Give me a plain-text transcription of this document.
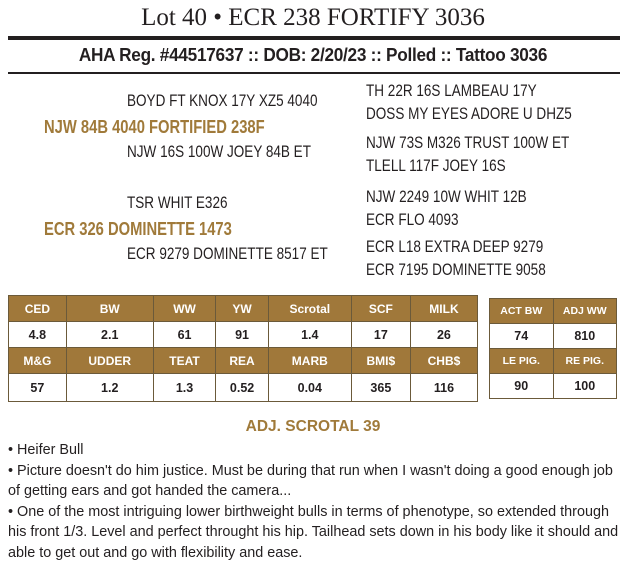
Lot 40 • ECR 238 FORTIFY 3036
AHA Reg. #44517637 :: DOB: 2/20/23 :: Polled :: Tattoo 3036
BOYD FT KNOX 17Y XZ5 4040
NJW 84B 4040 FORTIFIED 238F
NJW 16S 100W JOEY 84B ET
TSR WHIT E326
ECR 326 DOMINETTE 1473
ECR 9279 DOMINETTE 8517 ET
TH 22R 16S LAMBEAU 17Y
DOSS MY EYES ADORE U DHZ5
NJW 73S M326 TRUST 100W ET
TLELL 117F JOEY 16S
NJW 2249 10W WHIT 12B
ECR FLO 4093
ECR L18 EXTRA DEEP 9279
ECR 7195 DOMINETTE 9058
CED	BW	WW	YW	Scrotal	SCF	MILK
4.8	2.1	61	91	1.4	17	26
M&G	UDDER	TEAT	REA	MARB	BMI$	CHB$
57	1.2	1.3	0.52	0.04	365	116
ACT BW	ADJ WW
74	810
LE PIG.	RE PIG.
90	100
ADJ. SCROTAL 39

• Heifer Bull

• Picture doesn't do him justice. Must be during that run when I wasn't doing a good enough job of getting ears and got handed the camera...

• One of the most intriguing lower birthweight bulls in terms of phenotype, so extended through his front 1/3. Level and perfect throught his hip. Tailhead sets down in his body like it should and able to get out and go with flexibility and ease.
